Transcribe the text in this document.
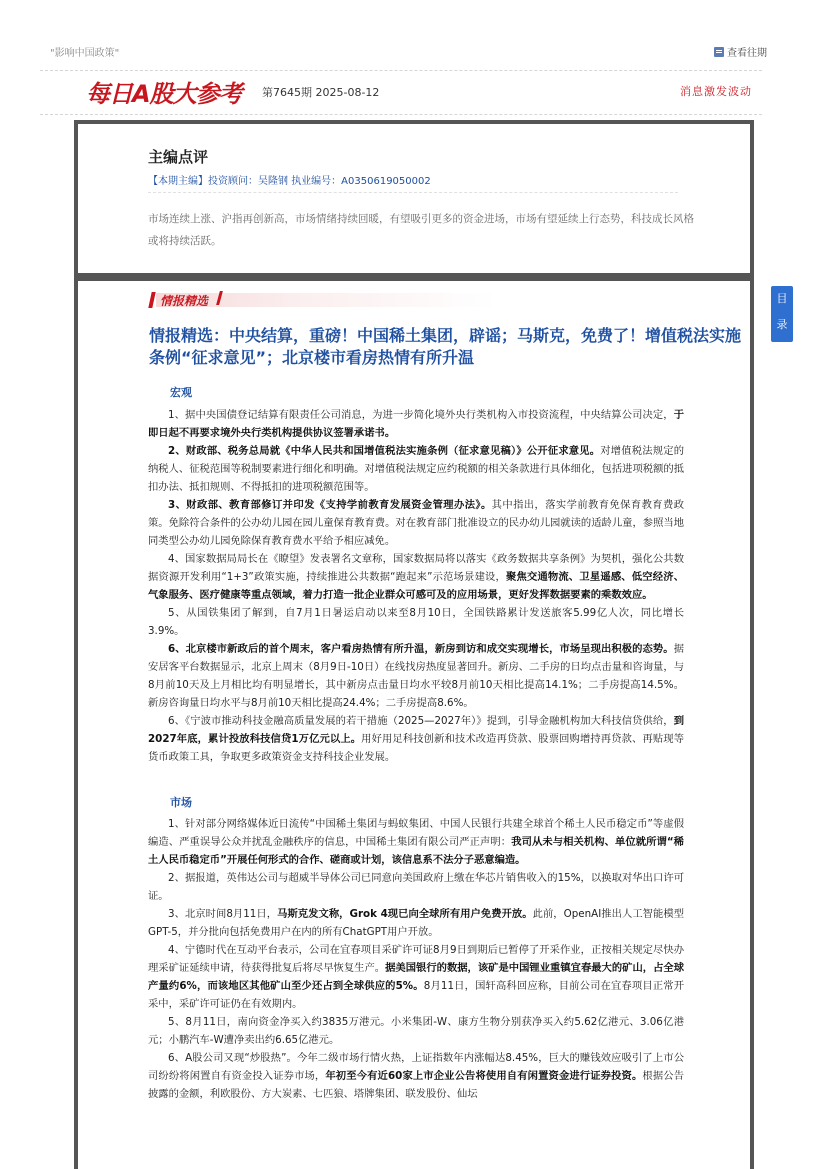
"影响中国政策"	查看往期
每日A股大参考 第7645期 2025-08-12	消息激发波动
主编点评
【本期主编】投资顾问：吴隆钢 执业编号：A0350619050002
市场连续上涨、沪指再创新高，市场情绪持续回暖，有望吸引更多的资金进场，市场有望延续上行态势，科技成长风格或将持续活跃。
情报精选
情报精选：中央结算，重磅！中国稀土集团，辟谣；马斯克，免费了！增值税法实施条例“征求意见”；北京楼市看房热情有所升温
宏观

1、据中央国债登记结算有限责任公司消息，为进一步简化境外央行类机构入市投资流程，中央结算公司决定，于即日起不再要求境外央行类机构提供协议签署承诺书。

2、财政部、税务总局就《中华人民共和国增值税法实施条例（征求意见稿）》公开征求意见。对增值税法规定的纳税人、征税范围等税制要素进行细化和明确。对增值税法规定应约税额的相关条款进行具体细化，包括进项税额的抵扣办法、抵扣规则、不得抵扣的进项税额范围等。

3、财政部、教育部修订并印发《支持学前教育发展资金管理办法》。其中指出，落实学前教育免保育教育费政策。免除符合条件的公办幼儿园在园儿童保育教育费。对在教育部门批准设立的民办幼儿园就读的适龄儿童，参照当地同类型公办幼儿园免除保育教育费水平给予相应减免。

4、国家数据局局长在《瞭望》发表署名文章称，国家数据局将以落实《政务数据共享条例》为契机，强化公共数据资源开发利用“1+3”政策实施，持续推进公共数据“跑起来”示范场景建设，聚焦交通物流、卫星遥感、低空经济、气象服务、医疗健康等重点领域，着力打造一批企业群众可感可及的应用场景，更好发挥数据要素的乘数效应。

5、从国铁集团了解到，自7月1日暑运启动以来至8月10日，全国铁路累计发送旅客5.99亿人次，同比增长3.9%。

6、北京楼市新政后的首个周末，客户看房热情有所升温，新房到访和成交实现增长，市场呈现出积极的态势。据安居客平台数据显示，北京上周末（8月9日-10日）在线找房热度显著回升。新房、二手房的日均点击量和咨询量，与8月前10天及上月相比均有明显增长，其中新房点击量日均水平较8月前10天相比提高14.1%；二手房提高14.5%。新房咨询量日均水平与8月前10天相比提高24.4%；二手房提高8.6%。

6、《宁波市推动科技金融高质量发展的若干措施（2025—2027年）》提到，引导金融机构加大科技信贷供给，到2027年底，累计投放科技信贷1万亿元以上。用好用足科技创新和技术改造再贷款、股票回购增持再贷款、再贴现等货币政策工具，争取更多政策资金支持科技企业发展。

市场

1、针对部分网络媒体近日流传“中国稀土集团与蚂蚁集团、中国人民银行共建全球首个稀土人民币稳定币”等虚假编造、严重误导公众并扰乱金融秩序的信息，中国稀土集团有限公司严正声明：我司从未与相关机构、单位就所谓“稀土人民币稳定币”开展任何形式的合作、磋商或计划，该信息系不法分子恶意编造。

2、据报道，英伟达公司与超威半导体公司已同意向美国政府上缴在华芯片销售收入的15%，以换取对华出口许可证。

3、北京时间8月11日，马斯克发文称，Grok 4现已向全球所有用户免费开放。此前，OpenAI推出人工智能模型GPT-5，并分批向包括免费用户在内的所有ChatGPT用户开放。

4、宁德时代在互动平台表示，公司在宜春项目采矿许可证8月9日到期后已暂停了开采作业，正按相关规定尽快办理采矿证延续申请，待获得批复后将尽早恢复生产。据美国银行的数据，该矿是中国锂业重镇宜春最大的矿山，占全球产量约6%，而该地区其他矿山至少还占到全球供应的5%。8月11日，国轩高科回应称，目前公司在宜春项目正常开采中，采矿许可证仍在有效期内。

5、8月11日，南向资金净买入约3835万港元。小米集团-W、康方生物分别获净买入约5.62亿港元、3.06亿港元；小鹏汽车-W遭净卖出约6.65亿港元。

6、A股公司又现“炒股热”。今年二级市场行情火热，上证指数年内涨幅达8.45%，巨大的赚钱效应吸引了上市公司纷纷将闲置自有资金投入证券市场，年初至今有近60家上市企业公告将使用自有闲置资金进行证券投资。根据公告披露的金额，利欧股份、方大炭素、七匹狼、塔牌集团、联发股份、仙坛

目
录
